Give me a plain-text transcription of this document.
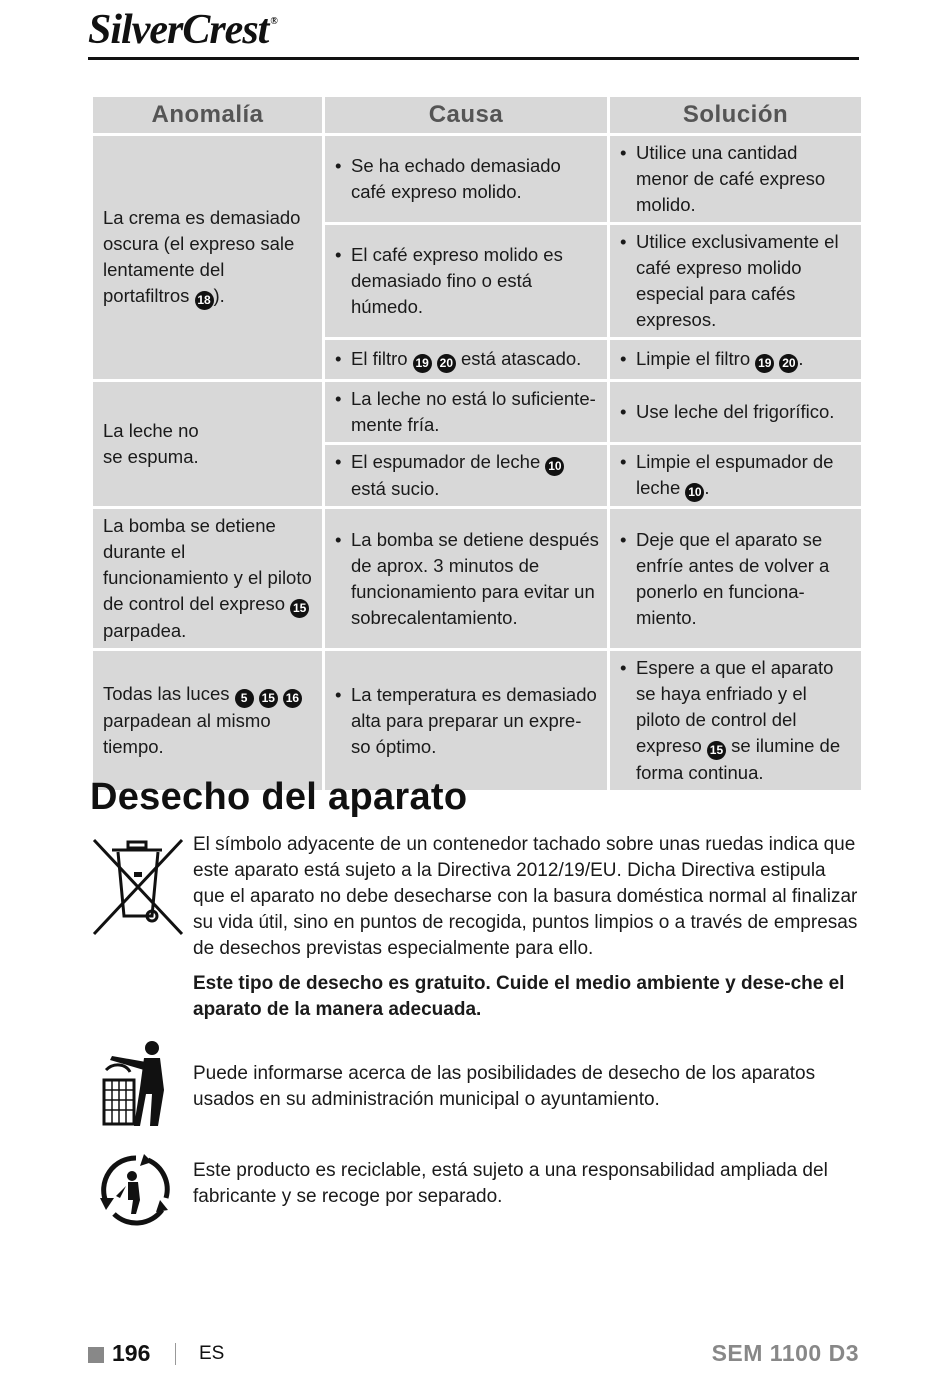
SilverCrest ®
Anomalía	Causa	Solución
La crema es demasiado
oscura (el expreso sale
lentamente del
portafiltros 18 ).	• Se ha echado demasiado café expreso molido.	• Utilice una cantidad menor de café expreso molido.

	• El café expreso molido es demasiado fino o está húmedo.	• Utilice exclusivamente el café expreso molido especial para cafés expresos.

	• El filtro 19 20 está atascado.	• Limpie el filtro 19 20 .

La leche no
se espuma.	• La leche no está lo suficiente-mente fría.	• Use leche del frigorífico.

	• El espumador de leche 10 está sucio.	• Limpie el espumador de leche 10 .

La bomba se detiene durante el funcionamiento y el piloto de control del expreso 15 parpadea.	• La bomba se detiene después de aprox. 3 minutos de funcionamiento para evitar un sobrecalentamiento.	• Deje que el aparato se enfríe antes de volver a ponerlo en funciona-miento.

Todas las luces 5 15 16 parpadean al mismo tiempo.	• La temperatura es demasiado alta para preparar un expre-so óptimo.	• Espere a que el aparato se haya enfriado y el piloto de control del expreso 15 se ilumine de forma continua.
Desecho del aparato

El símbolo adyacente de un contenedor tachado sobre unas ruedas indica que este aparato está sujeto a la Directiva 2012/19/EU. Dicha Directiva estipula que el aparato no debe desecharse con la basura doméstica normal al finalizar su vida útil, sino en puntos de recogida, puntos limpios o a través de empresas de desechos previstas especialmente para ello.

Este tipo de desecho es gratuito. Cuide el medio ambiente y dese-che el aparato de la manera adecuada.

Puede informarse acerca de las posibilidades de desecho de los aparatos usados en su administración municipal o ayuntamiento.

Este producto es reciclable, está sujeto a una responsabilidad ampliada del fabricante y se recoge por separado.

196	ES	SEM 1100 D3
